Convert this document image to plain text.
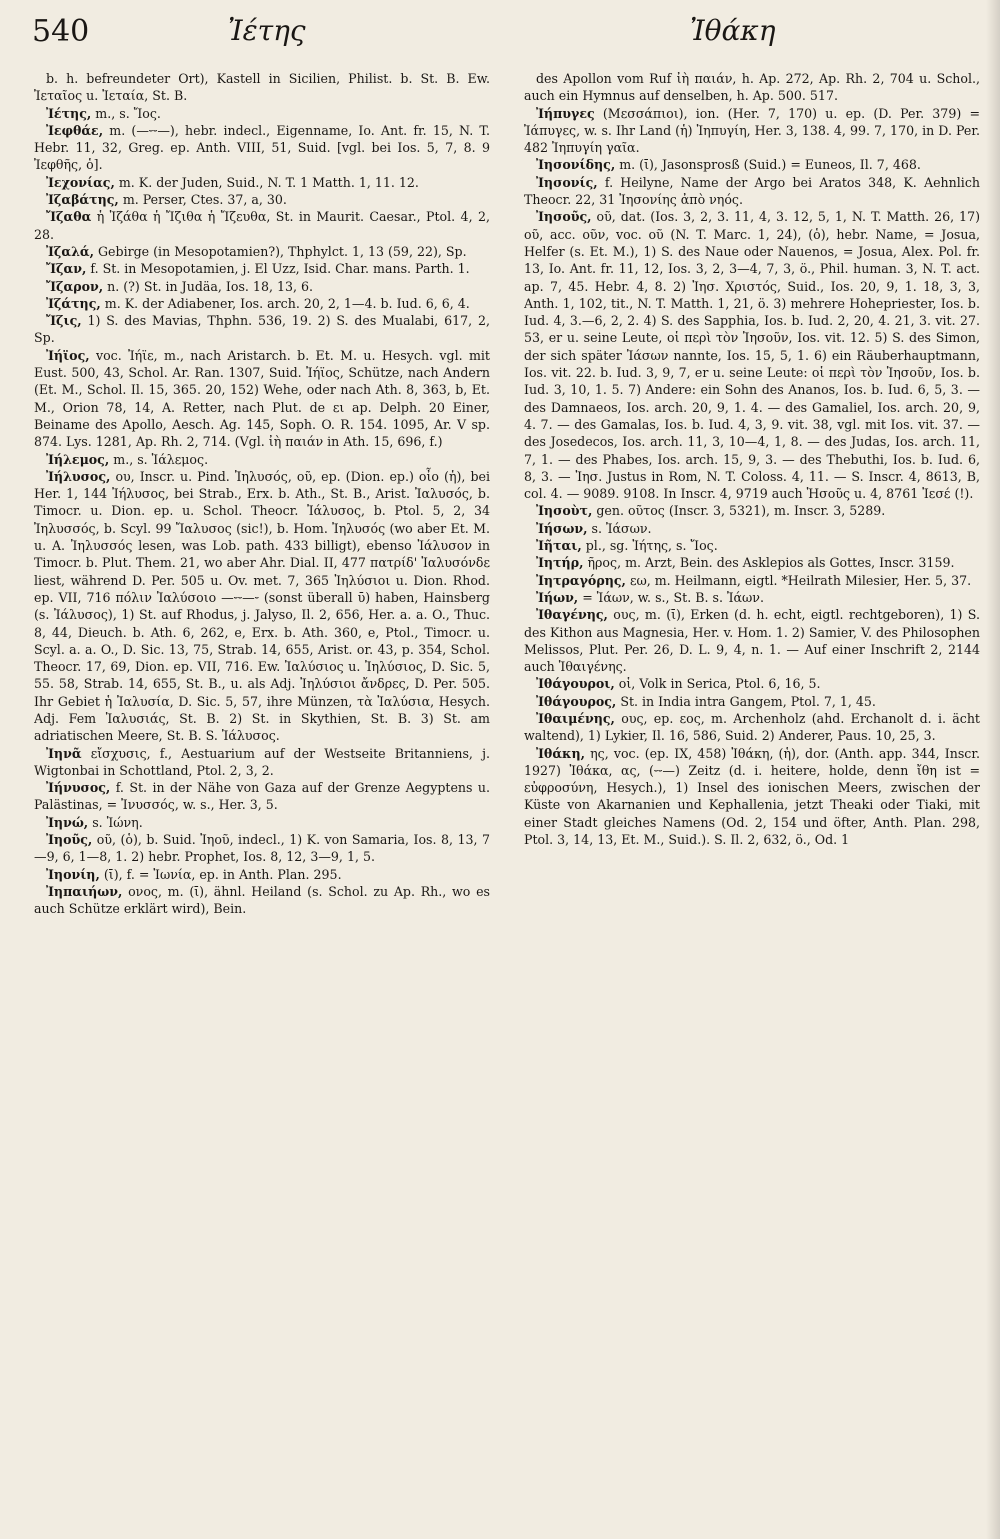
540	Ἰέτης	Ἰθάκη

b. h. befreundeter Ort), Kastell in Sicilien, Philist. b. St. B. Ew. Ἰεταῖος u. Ἰεταία, St. B.

Ἰέτης, m., s. Ἴος.

Ἰεφθάε, m. (—⏑⏑—), hebr. indecl., Eigenname, Io. Ant. fr. 15, N. T. Hebr. 11, 32, Greg. ep. Anth. VIII, 51, Suid. [vgl. bei Ios. 5, 7, 8. 9 Ἰεφθῆς, ὁ].

Ἰεχονίας, m. K. der Juden, Suid., N. T. 1 Matth. 1, 11. 12.

Ἰζαβάτης, m. Perser, Ctes. 37, a, 30.

Ἴζαθα ἡ Ἰζάθα ἡ Ἴζιθα ἡ Ἴζευθα, St. in Maurit. Caesar., Ptol. 4, 2, 28.

Ἰζαλά, Gebirge (in Mesopotamien?), Thphylct. 1, 13 (59, 22), Sp.

Ἴζαν, f. St. in Mesopotamien, j. El Uzz, Isid. Char. mans. Parth. 1.

Ἴζαρον, n. (?) St. in Judäa, Ios. 18, 13, 6.

Ἰζάτης, m. K. der Adiabener, Ios. arch. 20, 2, 1—4. b. Iud. 6, 6, 4.

Ἴζις, 1) S. des Mavias, Thphn. 536, 19. 2) S. des Mualabi, 617, 2, Sp.

Ἰήϊος, voc. Ἰήϊε, m., nach Aristarch. b. Et. M. u. Hesych. vgl. mit Eust. 500, 43, Schol. Ar. Ran. 1307, Suid. Ἰήϊος, Schütze, nach Andern (Et. M., Schol. Il. 15, 365. 20, 152) Wehe, oder nach Ath. 8, 363, b, Et. M., Orion 78, 14, A. Retter, nach Plut. de ει ap. Delph. 20 Einer, Beiname des Apollo, Aesch. Ag. 145, Soph. O. R. 154. 1095, Ar. V sp. 874. Lys. 1281, Ap. Rh. 2, 714. (Vgl. ἰὴ παιάν in Ath. 15, 696, f.)

Ἰήλεμος, m., s. Ἰάλεμος.

Ἰήλυσος, ου, Inscr. u. Pind. Ἰηλυσός, οῦ, ep. (Dion. ep.) οἶο (ἡ), bei Her. 1, 144 Ἰήλυσος, bei Strab., Erx. b. Ath., St. B., Arist. Ἰαλυσός, b. Timocr. u. Dion. ep. u. Schol. Theocr. Ἰάλυσος, b. Ptol. 5, 2, 34 Ἰηλυσσός, b. Scyl. 99 Ἴαλυσος (sic!), b. Hom. Ἰηλυσός (wo aber Et. M. u. A. Ἰηλυσσός lesen, was Lob. path. 433 billigt), ebenso Ἰάλυσον in Timocr. b. Plut. Them. 21, wo aber Ahr. Dial. II, 477 πατρίδ' Ἰαλυσόνδε liest, während D. Per. 505 u. Ov. met. 7, 365 Ἰηλύσιοι u. Dion. Rhod. ep. VII, 716 πόλιν Ἰαλύσοιο —⏑⏑—⏑ (sonst überall ῡ) haben, Hainsberg (s. Ἰάλυσος), 1) St. auf Rhodus, j. Jalyso, Il. 2, 656, Her. a. a. O., Thuc. 8, 44, Dieuch. b. Ath. 6, 262, e, Erx. b. Ath. 360, e, Ptol., Timocr. u. Scyl. a. a. O., D. Sic. 13, 75, Strab. 14, 655, Arist. or. 43, p. 354, Schol. Theocr. 17, 69, Dion. ep. VII, 716. Ew. Ἰαλύσιος u. Ἰηλύσιος, D. Sic. 5, 55. 58, Strab. 14, 655, St. B., u. als Adj. Ἰηλύσιοι ἄνδρες, D. Per. 505. Ihr Gebiet ἡ Ἰαλυσία, D. Sic. 5, 57, ihre Münzen, τὰ Ἰαλύσια, Hesych. Adj. Fem Ἰαλυσιάς, St. B. 2) St. in Skythien, St. B. 3) St. am adriatischen Meere, St. B. S. Ἰάλυσος.

Ἰηνᾶ εἴσχυσις, f., Aestuarium auf der Westseite Britanniens, j. Wigtonbai in Schottland, Ptol. 2, 3, 2.

Ἰήνυσος, f. St. in der Nähe von Gaza auf der Grenze Aegyptens u. Palästinas, = Ἰνυσσός, w. s., Her. 3, 5.

Ἰηνώ, s. Ἰώνη.

Ἰηοῦς, οῦ, (ὁ), b. Suid. Ἰηοῦ, indecl., 1) K. von Samaria, Ios. 8, 13, 7—9, 6, 1—8, 1. 2) hebr. Prophet, Ios. 8, 12, 3—9, 1, 5.

Ἰηονίη, (ῑ), f. = Ἰωνία, ep. in Anth. Plan. 295.

Ἰηπαιήων, ονος, m. (ῑ), ähnl. Heiland (s. Schol. zu Ap. Rh., wo es auch Schütze erklärt wird), Bein.

des Apollon vom Ruf ἰὴ παιάν, h. Ap. 272, Ap. Rh. 2, 704 u. Schol., auch ein Hymnus auf denselben, h. Ap. 500. 517.

Ἰήπυγες (Μεσσάπιοι), ion. (Her. 7, 170) u. ep. (D. Per. 379) = Ἰάπυγες, w. s. Ihr Land (ἡ) Ἰηπυγίη, Her. 3, 138. 4, 99. 7, 170, in D. Per. 482 Ἰηπυγίη γαῖα.

Ἰησονίδης, m. (ῑ), Jasonsprosß (Suid.) = Euneos, Il. 7, 468.

Ἰησονίς, f. Heilyne, Name der Argo bei Aratos 348, K. Aehnlich Theocr. 22, 31 Ἰησονίης ἀπὸ νηός.

Ἰησοῦς, οῦ, dat. (Ios. 3, 2, 3. 11, 4, 3. 12, 5, 1, N. T. Matth. 26, 17) οῦ, acc. οῦν, voc. οῦ (N. T. Marc. 1, 24), (ὁ), hebr. Name, = Josua, Helfer (s. Et. M.), 1) S. des Naue oder Nauenos, = Josua, Alex. Pol. fr. 13, Io. Ant. fr. 11, 12, Ios. 3, 2, 3—4, 7, 3, ö., Phil. human. 3, N. T. act. ap. 7, 45. Hebr. 4, 8. 2) Ἰησ. Χριστός, Suid., Ios. 20, 9, 1. 18, 3, 3, Anth. 1, 102, tit., N. T. Matth. 1, 21, ö. 3) mehrere Hohepriester, Ios. b. Iud. 4, 3.—6, 2, 2. 4) S. des Sapphia, Ios. b. Iud. 2, 20, 4. 21, 3. vit. 27. 53, er u. seine Leute, οἱ περὶ τὸν Ἰησοῦν, Ios. vit. 12. 5) S. des Simon, der sich später Ἰάσων nannte, Ios. 15, 5, 1. 6) ein Räuberhauptmann, Ios. vit. 22. b. Iud. 3, 9, 7, er u. seine Leute: οἱ περὶ τὸν Ἰησοῦν, Ios. b. Iud. 3, 10, 1. 5. 7) Andere: ein Sohn des Ananos, Ios. b. Iud. 6, 5, 3. — des Damnaeos, Ios. arch. 20, 9, 1. 4. — des Gamaliel, Ios. arch. 20, 9, 4. 7. — des Gamalas, Ios. b. Iud. 4, 3, 9. vit. 38, vgl. mit Ios. vit. 37. — des Josedecos, Ios. arch. 11, 3, 10—4, 1, 8. — des Judas, Ios. arch. 11, 7, 1. — des Phabes, Ios. arch. 15, 9, 3. — des Thebuthi, Ios. b. Iud. 6, 8, 3. — Ἰησ. Justus in Rom, N. T. Coloss. 4, 11. — S. Inscr. 4, 8613, B, col. 4. — 9089. 9108. In Inscr. 4, 9719 auch Ἠσοῦς u. 4, 8761 Ἰεσέ (!).

Ἰησοὺτ, gen. οῦτος (Inscr. 3, 5321), m. Inscr. 3, 5289.

Ἰήσων, s. Ἰάσων.

Ἰῆται, pl., sg. Ἰήτης, s. Ἴος.

Ἰητήρ, ῆρος, m. Arzt, Bein. des Asklepios als Gottes, Inscr. 3159.

Ἰητραγόρης, εω, m. Heilmann, eigtl. *Heilrath Milesier, Her. 5, 37.

Ἰήων, = Ἰάων, w. s., St. B. s. Ἰάων.

Ἰθαγένης, ους, m. (ῑ), Erken (d. h. echt, eigtl. rechtgeboren), 1) S. des Kithon aus Magnesia, Her. v. Hom. 1. 2) Samier, V. des Philosophen Melissos, Plut. Per. 26, D. L. 9, 4, n. 1. — Auf einer Inschrift 2, 2144 auch Ἰθαιγένης.

Ἰθάγουροι, οἱ, Volk in Serica, Ptol. 6, 16, 5.

Ἰθάγουρος, St. in India intra Gangem, Ptol. 7, 1, 45.

Ἰθαιμένης, ους, ep. εος, m. Archenholz (ahd. Erchanolt d. i. ächt waltend), 1) Lykier, Il. 16, 586, Suid. 2) Anderer, Paus. 10, 25, 3.

Ἰθάκη, ης, voc. (ep. IX, 458) Ἰθάκη, (ἡ), dor. (Anth. app. 344, Inscr. 1927) Ἰθάκα, ας, (⏑⏑—) Zeitz (d. i. heitere, holde, denn ἴθη ist = εὐφροσύνη, Hesych.), 1) Insel des ionischen Meers, zwischen der Küste von Akarnanien und Kephallenia, jetzt Theaki oder Tiaki, mit einer Stadt gleiches Namens (Od. 2, 154 und öfter, Anth. Plan. 298, Ptol. 3, 14, 13, Et. M., Suid.). S. Il. 2, 632, ö., Od. 1
